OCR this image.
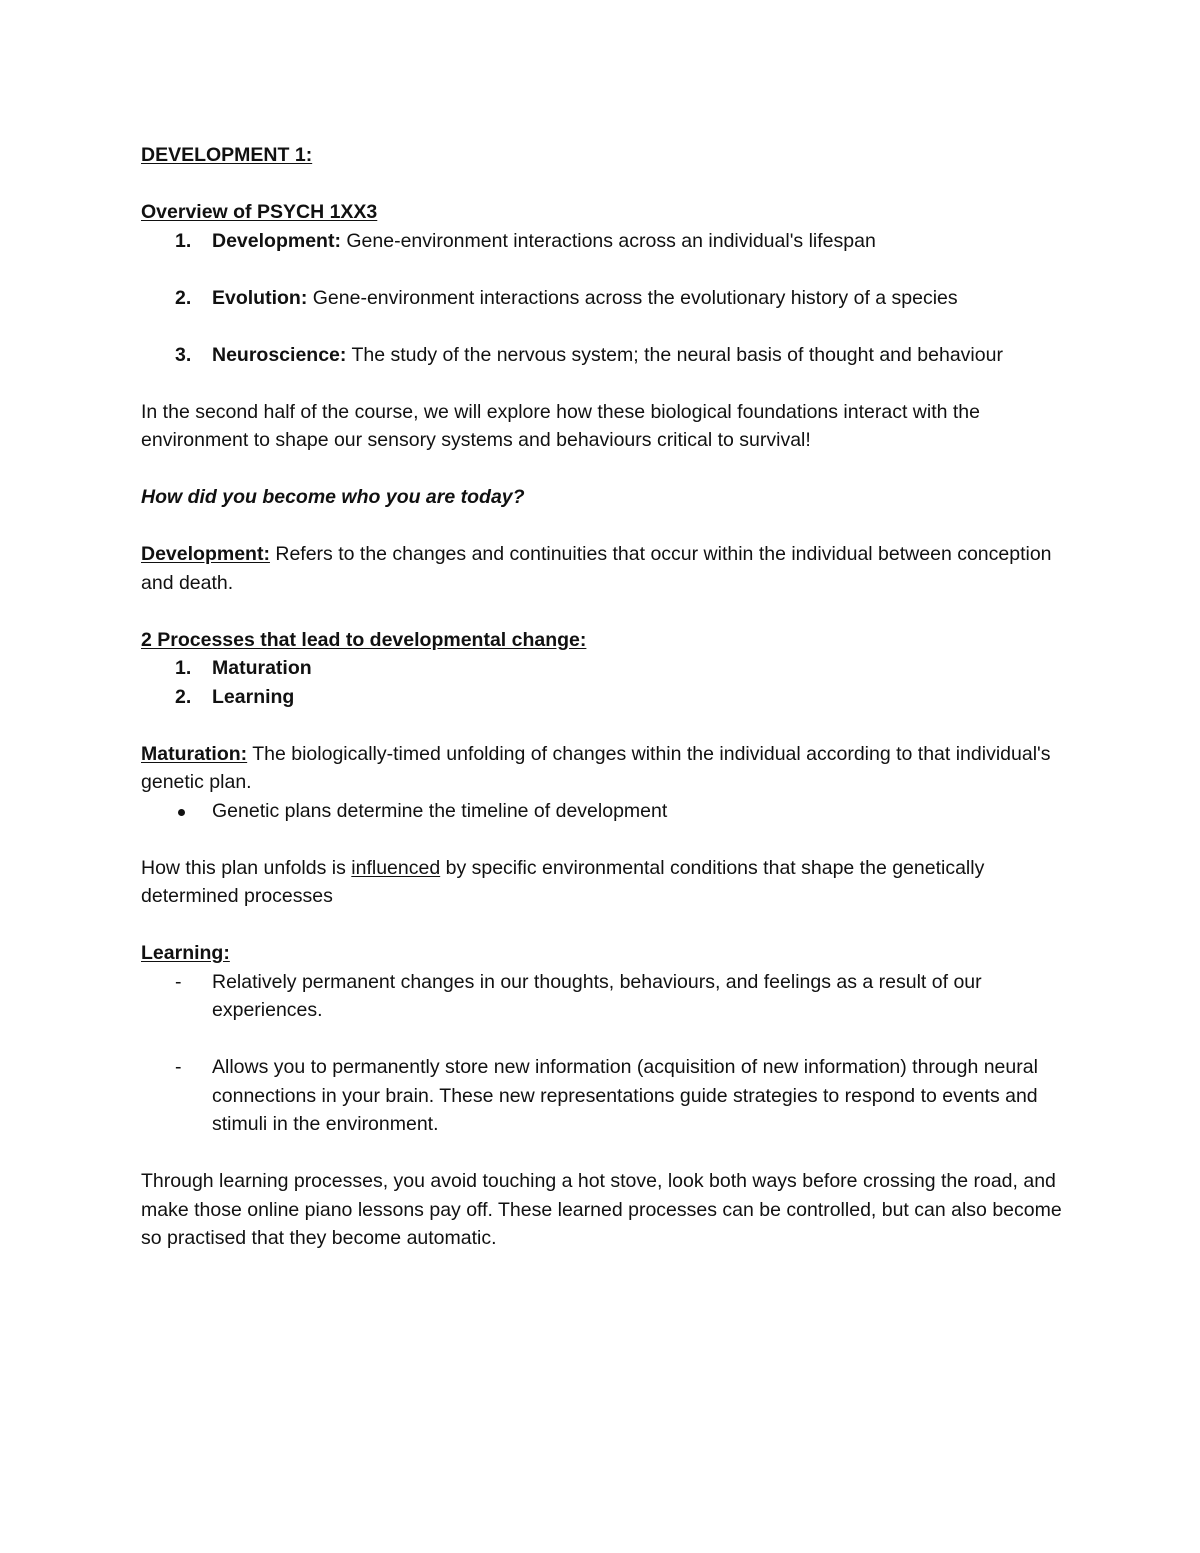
DEVELOPMENT 1:

Overview of PSYCH 1XX3

1.	Development: Gene-environment interactions across an individual's lifespan
2.	Evolution: Gene-environment interactions across the evolutionary history of a species
3.	Neuroscience: The study of the nervous system; the neural basis of thought and behaviour

In the second half of the course, we will explore how these biological foundations interact with the environment to shape our sensory systems and behaviours critical to survival!

How did you become who you are today?

Development: Refers to the changes and continuities that occur within the individual between conception and death.

2 Processes that lead to developmental change:

1.	Maturation
2.	Learning

Maturation: The biologically-timed unfolding of changes within the individual according to that individual's genetic plan.

Genetic plans determine the timeline of development

How this plan unfolds is influenced by specific environmental conditions that shape the genetically determined processes

Learning:

- Relatively permanent changes in our thoughts, behaviours, and feelings as a result of our experiences.
- Allows you to permanently store new information (acquisition of new information) through neural connections in your brain. These new representations guide strategies to respond to events and stimuli in the environment.

Through learning processes, you avoid touching a hot stove, look both ways before crossing the road, and make those online piano lessons pay off. These learned processes can be controlled, but can also become so practised that they become automatic.
